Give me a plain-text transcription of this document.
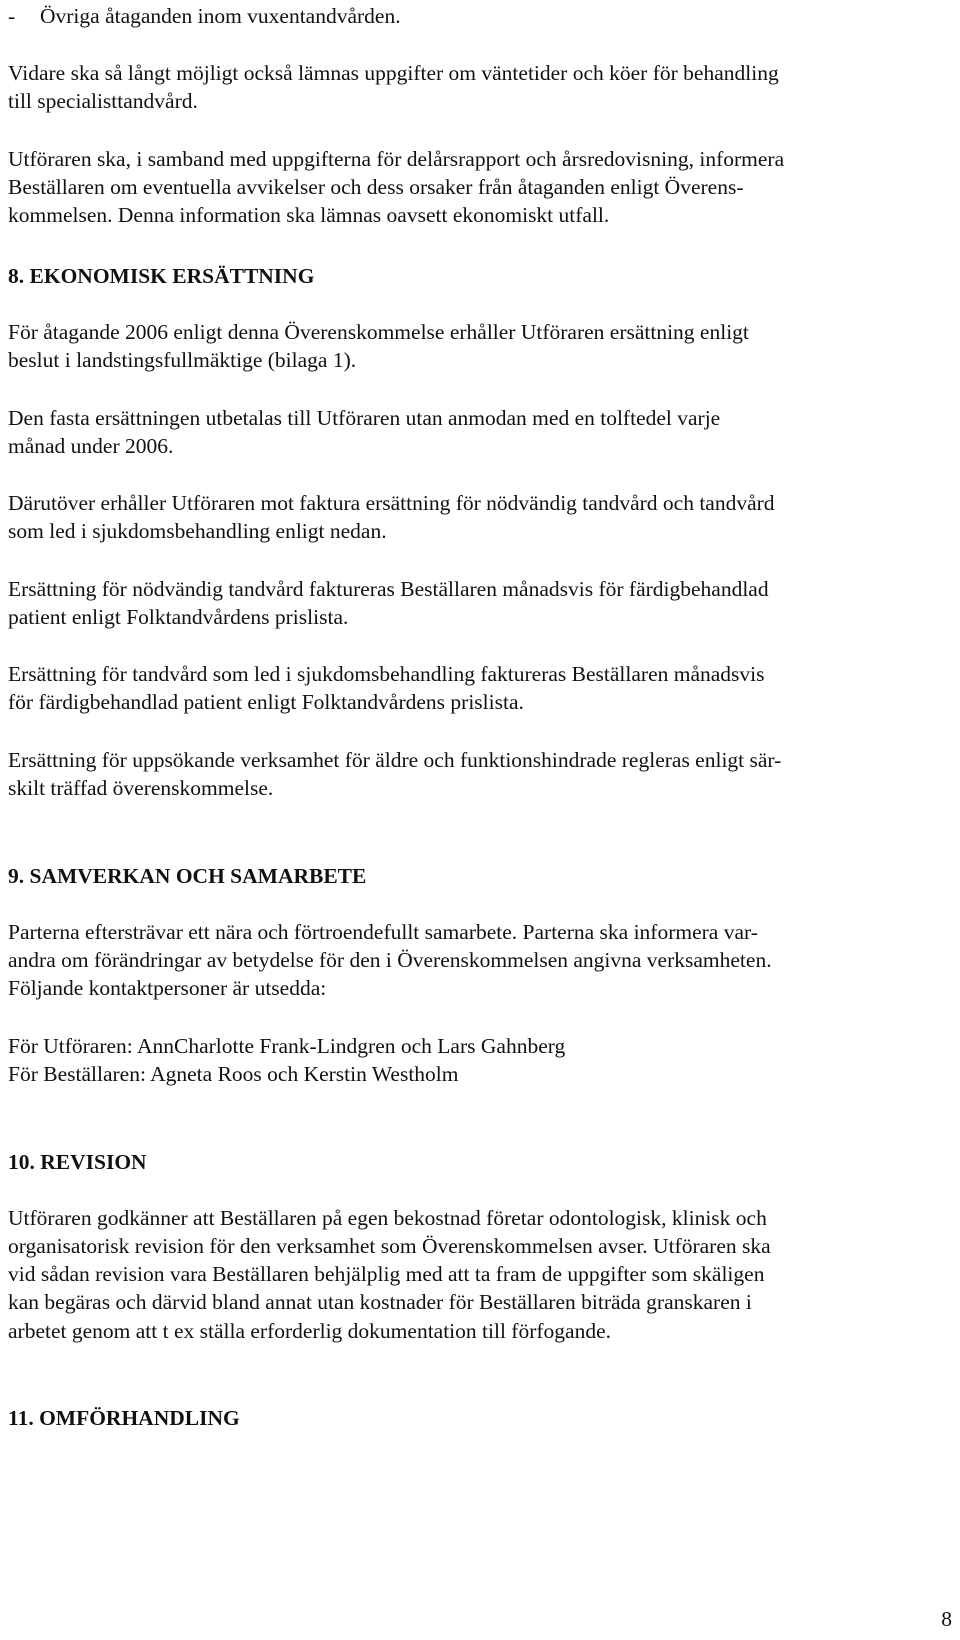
- Övriga åtaganden inom vuxentandvården.
Vidare ska så långt möjligt också lämnas uppgifter om väntetider och köer för behandling
till specialisttandvård.
Utföraren ska, i samband med uppgifterna för delårsrapport och årsredovisning, informera
Beställaren om eventuella avvikelser och dess orsaker från åtaganden enligt Överens-
kommelsen. Denna information ska lämnas oavsett ekonomiskt utfall.
8. EKONOMISK ERSÄTTNING
För åtagande 2006 enligt denna Överenskommelse erhåller Utföraren ersättning enligt
beslut i landstingsfullmäktige (bilaga 1).
Den fasta ersättningen utbetalas till Utföraren utan anmodan med en tolftedel varje
månad under 2006.
Därutöver erhåller Utföraren mot faktura ersättning för nödvändig tandvård och tandvård
som led i sjukdomsbehandling enligt nedan.
Ersättning för nödvändig tandvård faktureras Beställaren månadsvis för färdigbehandlad
patient enligt Folktandvårdens prislista.
Ersättning för tandvård som led i sjukdomsbehandling faktureras Beställaren månadsvis
för färdigbehandlad patient enligt Folktandvårdens prislista.
Ersättning för uppsökande verksamhet för äldre och funktionshindrade regleras enligt sär-
skilt träffad överenskommelse.
9. SAMVERKAN OCH SAMARBETE
Parterna eftersträvar ett nära och förtroendefullt samarbete. Parterna ska informera var-
andra om förändringar av betydelse för den i Överenskommelsen angivna verksamheten.
Följande kontaktpersoner är utsedda:
För Utföraren: AnnCharlotte Frank-Lindgren och Lars Gahnberg
För Beställaren: Agneta Roos och Kerstin Westholm
10. REVISION
Utföraren godkänner att Beställaren på egen bekostnad företar odontologisk, klinisk och
organisatorisk revision för den verksamhet som Överenskommelsen avser. Utföraren ska
vid sådan revision vara Beställaren behjälplig med att ta fram de uppgifter som skäligen
kan begäras och därvid bland annat utan kostnader för Beställaren biträda granskaren i
arbetet genom att t ex ställa erforderlig dokumentation till förfogande.
11. OMFÖRHANDLING
8
